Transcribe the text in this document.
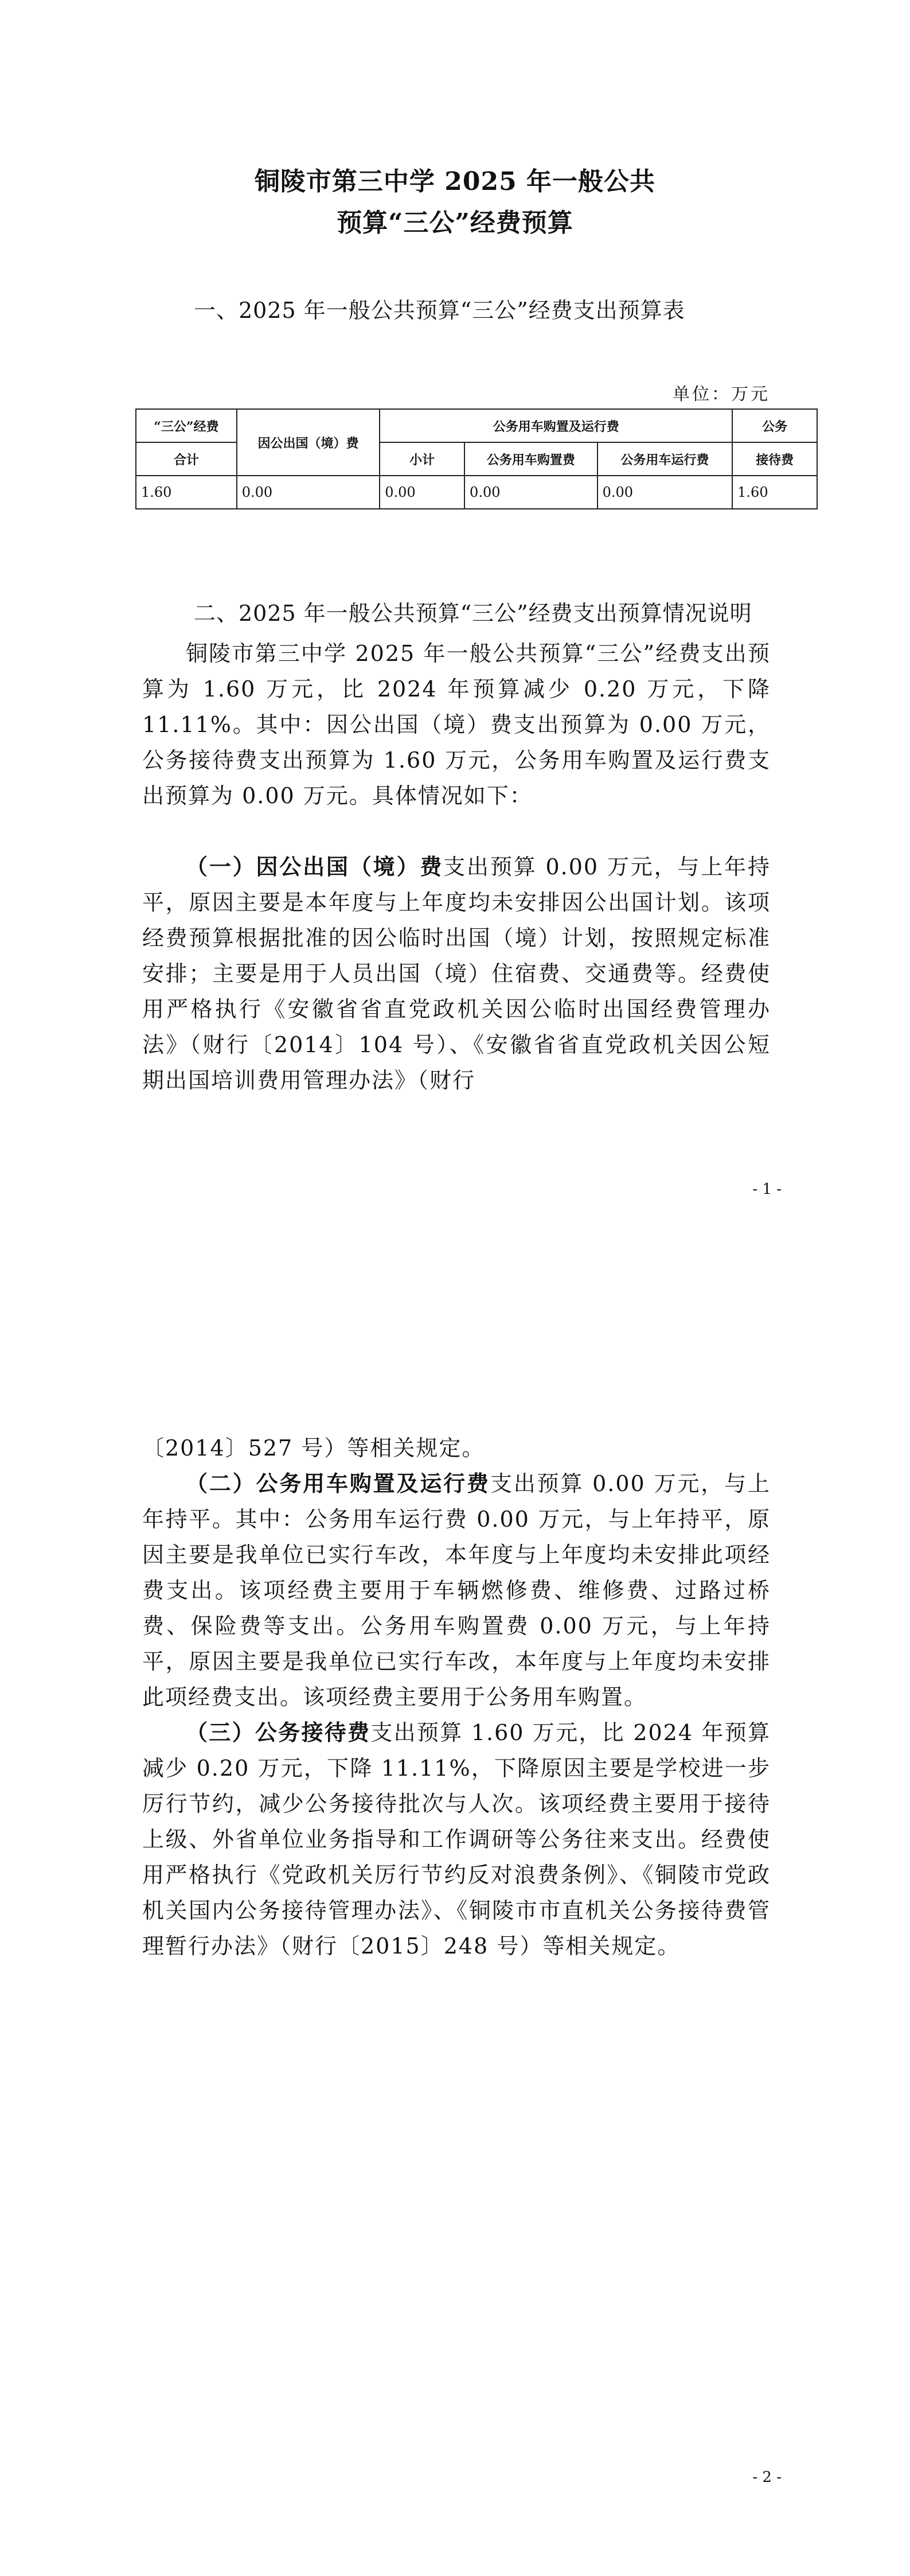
铜陵市第三中学 2025 年一般公共
预算“三公”经费预算
一、2025 年一般公共预算“三公”经费支出预算表
单位：万元
“三公”经费	因公出国（境）费	公务用车购置及运行费			公务
合计		小计	公务用车购置费	公务用车运行费	接待费
1.60	0.00	0.00	0.00	0.00	1.60
二、2025 年一般公共预算“三公”经费支出预算情况说明

铜陵市第三中学 2025 年一般公共预算“三公”经费支出预算为 1.60 万元，比 2024 年预算减少 0.20 万元，下降 11.11%。其中：因公出国（境）费支出预算为 0.00 万元，公务接待费支出预算为 1.60 万元，公务用车购置及运行费支出预算为 0.00 万元。具体情况如下：

（一）因公出国（境）费支出预算 0.00 万元，与上年持平，原因主要是本年度与上年度均未安排因公出国计划。该项经费预算根据批准的因公临时出国（境）计划，按照规定标准安排；主要是用于人员出国（境）住宿费、交通费等。经费使用严格执行《安徽省省直党政机关因公临时出国经费管理办法》（财行〔2014〕104 号）、《安徽省省直党政机关因公短期出国培训费用管理办法》（财行

- 1 -

〔2014〕527 号）等相关规定。

（二）公务用车购置及运行费支出预算 0.00 万元，与上年持平。其中：公务用车运行费 0.00 万元，与上年持平，原因主要是我单位已实行车改，本年度与上年度均未安排此项经费支出。该项经费主要用于车辆燃修费、维修费、过路过桥费、保险费等支出。公务用车购置费 0.00 万元，与上年持平，原因主要是我单位已实行车改，本年度与上年度均未安排此项经费支出。该项经费主要用于公务用车购置。

（三）公务接待费支出预算 1.60 万元，比 2024 年预算减少 0.20 万元，下降 11.11%，下降原因主要是学校进一步厉行节约，减少公务接待批次与人次。该项经费主要用于接待上级、外省单位业务指导和工作调研等公务往来支出。经费使用严格执行《党政机关厉行节约反对浪费条例》、《铜陵市党政机关国内公务接待管理办法》、《铜陵市市直机关公务接待费管理暂行办法》（财行〔2015〕248 号）等相关规定。

- 2 -
